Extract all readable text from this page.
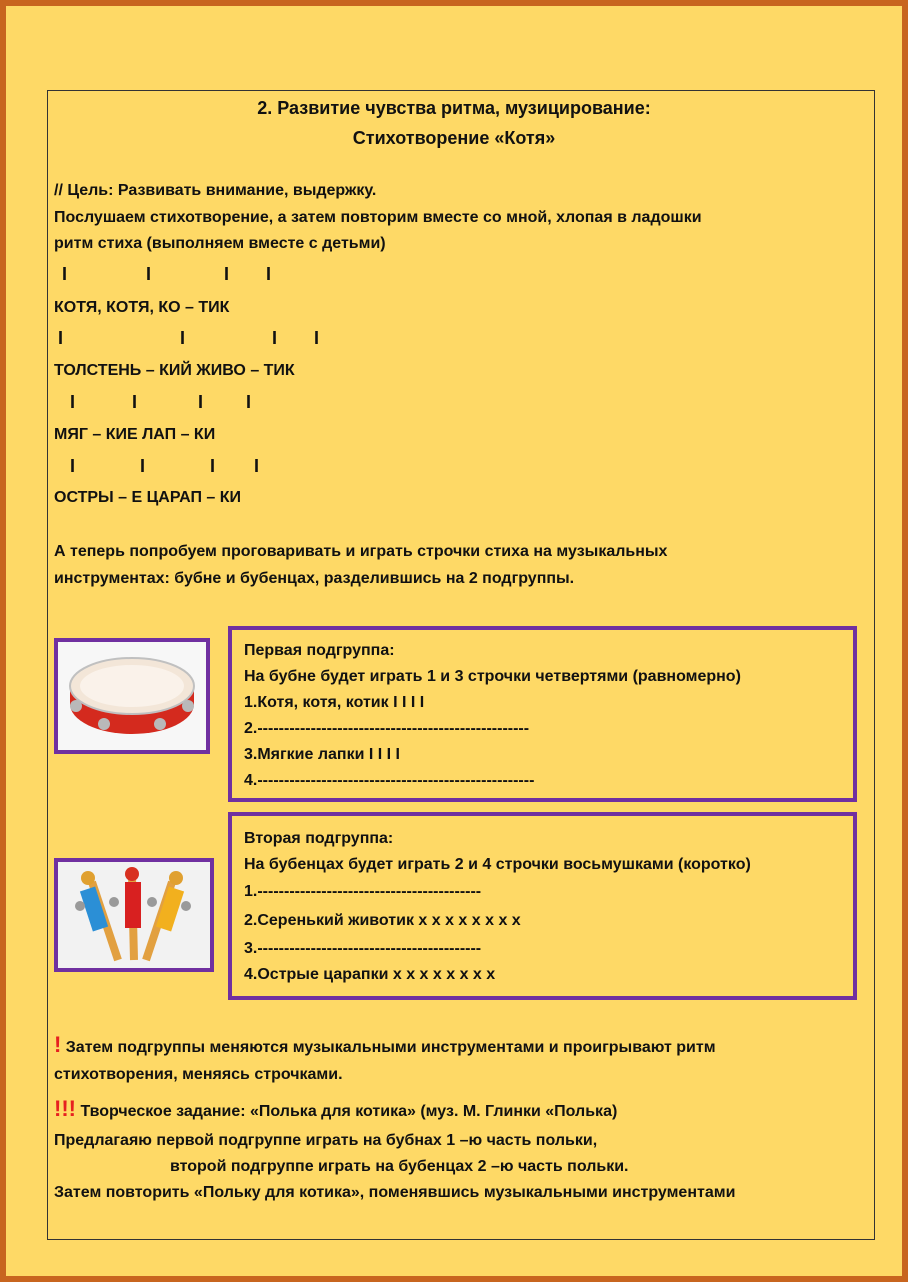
2. Развитие чувства ритма, музицирование:
Стихотворение «Котя»
// Цель: Развивать внимание, выдержку.
Послушаем стихотворение, а затем повторим вместе со мной, хлопая в ладошки
ритм стиха (выполняем вместе с детьми)
I	I	I I
КОТЯ, КОТЯ, КО – ТИК
I	I	I I
ТОЛСТЕНЬ – КИЙ ЖИВО – ТИК
I	I	I I
МЯГ – КИЕ ЛАП – КИ
I	I	I I
ОСТРЫ – Е ЦАРАП – КИ
А теперь попробуем проговаривать и играть строчки стиха на музыкальных
инструментах: бубне и бубенцах, разделившись на 2 подгруппы.
Первая подгруппа:
На бубне будет играть 1 и 3 строчки четвертями (равномерно)
1.Котя, котя, котик I I I I
2.---------------------------------------------------
3.Мягкие лапки I I I I
4.----------------------------------------------------
Вторая подгруппа:
На бубенцах будет играть 2 и 4 строчки восьмушками (коротко)
1.------------------------------------------
2.Серенький животик x x x x x x x x
3.------------------------------------------
4.Острые царапки x x x x x x x x
! Затем подгруппы меняются музыкальными инструментами и проигрывают ритм
стихотворения, меняясь строчками.
!!! Творческое задание: «Полька для котика» (муз. М. Глинки «Полька)
Предлагаяю первой подгруппе играть на бубнах 1 –ю часть польки,
второй подгруппе играть на бубенцах 2 –ю часть польки.
Затем повторить «Польку для котика», поменявшись музыкальными инструментами
